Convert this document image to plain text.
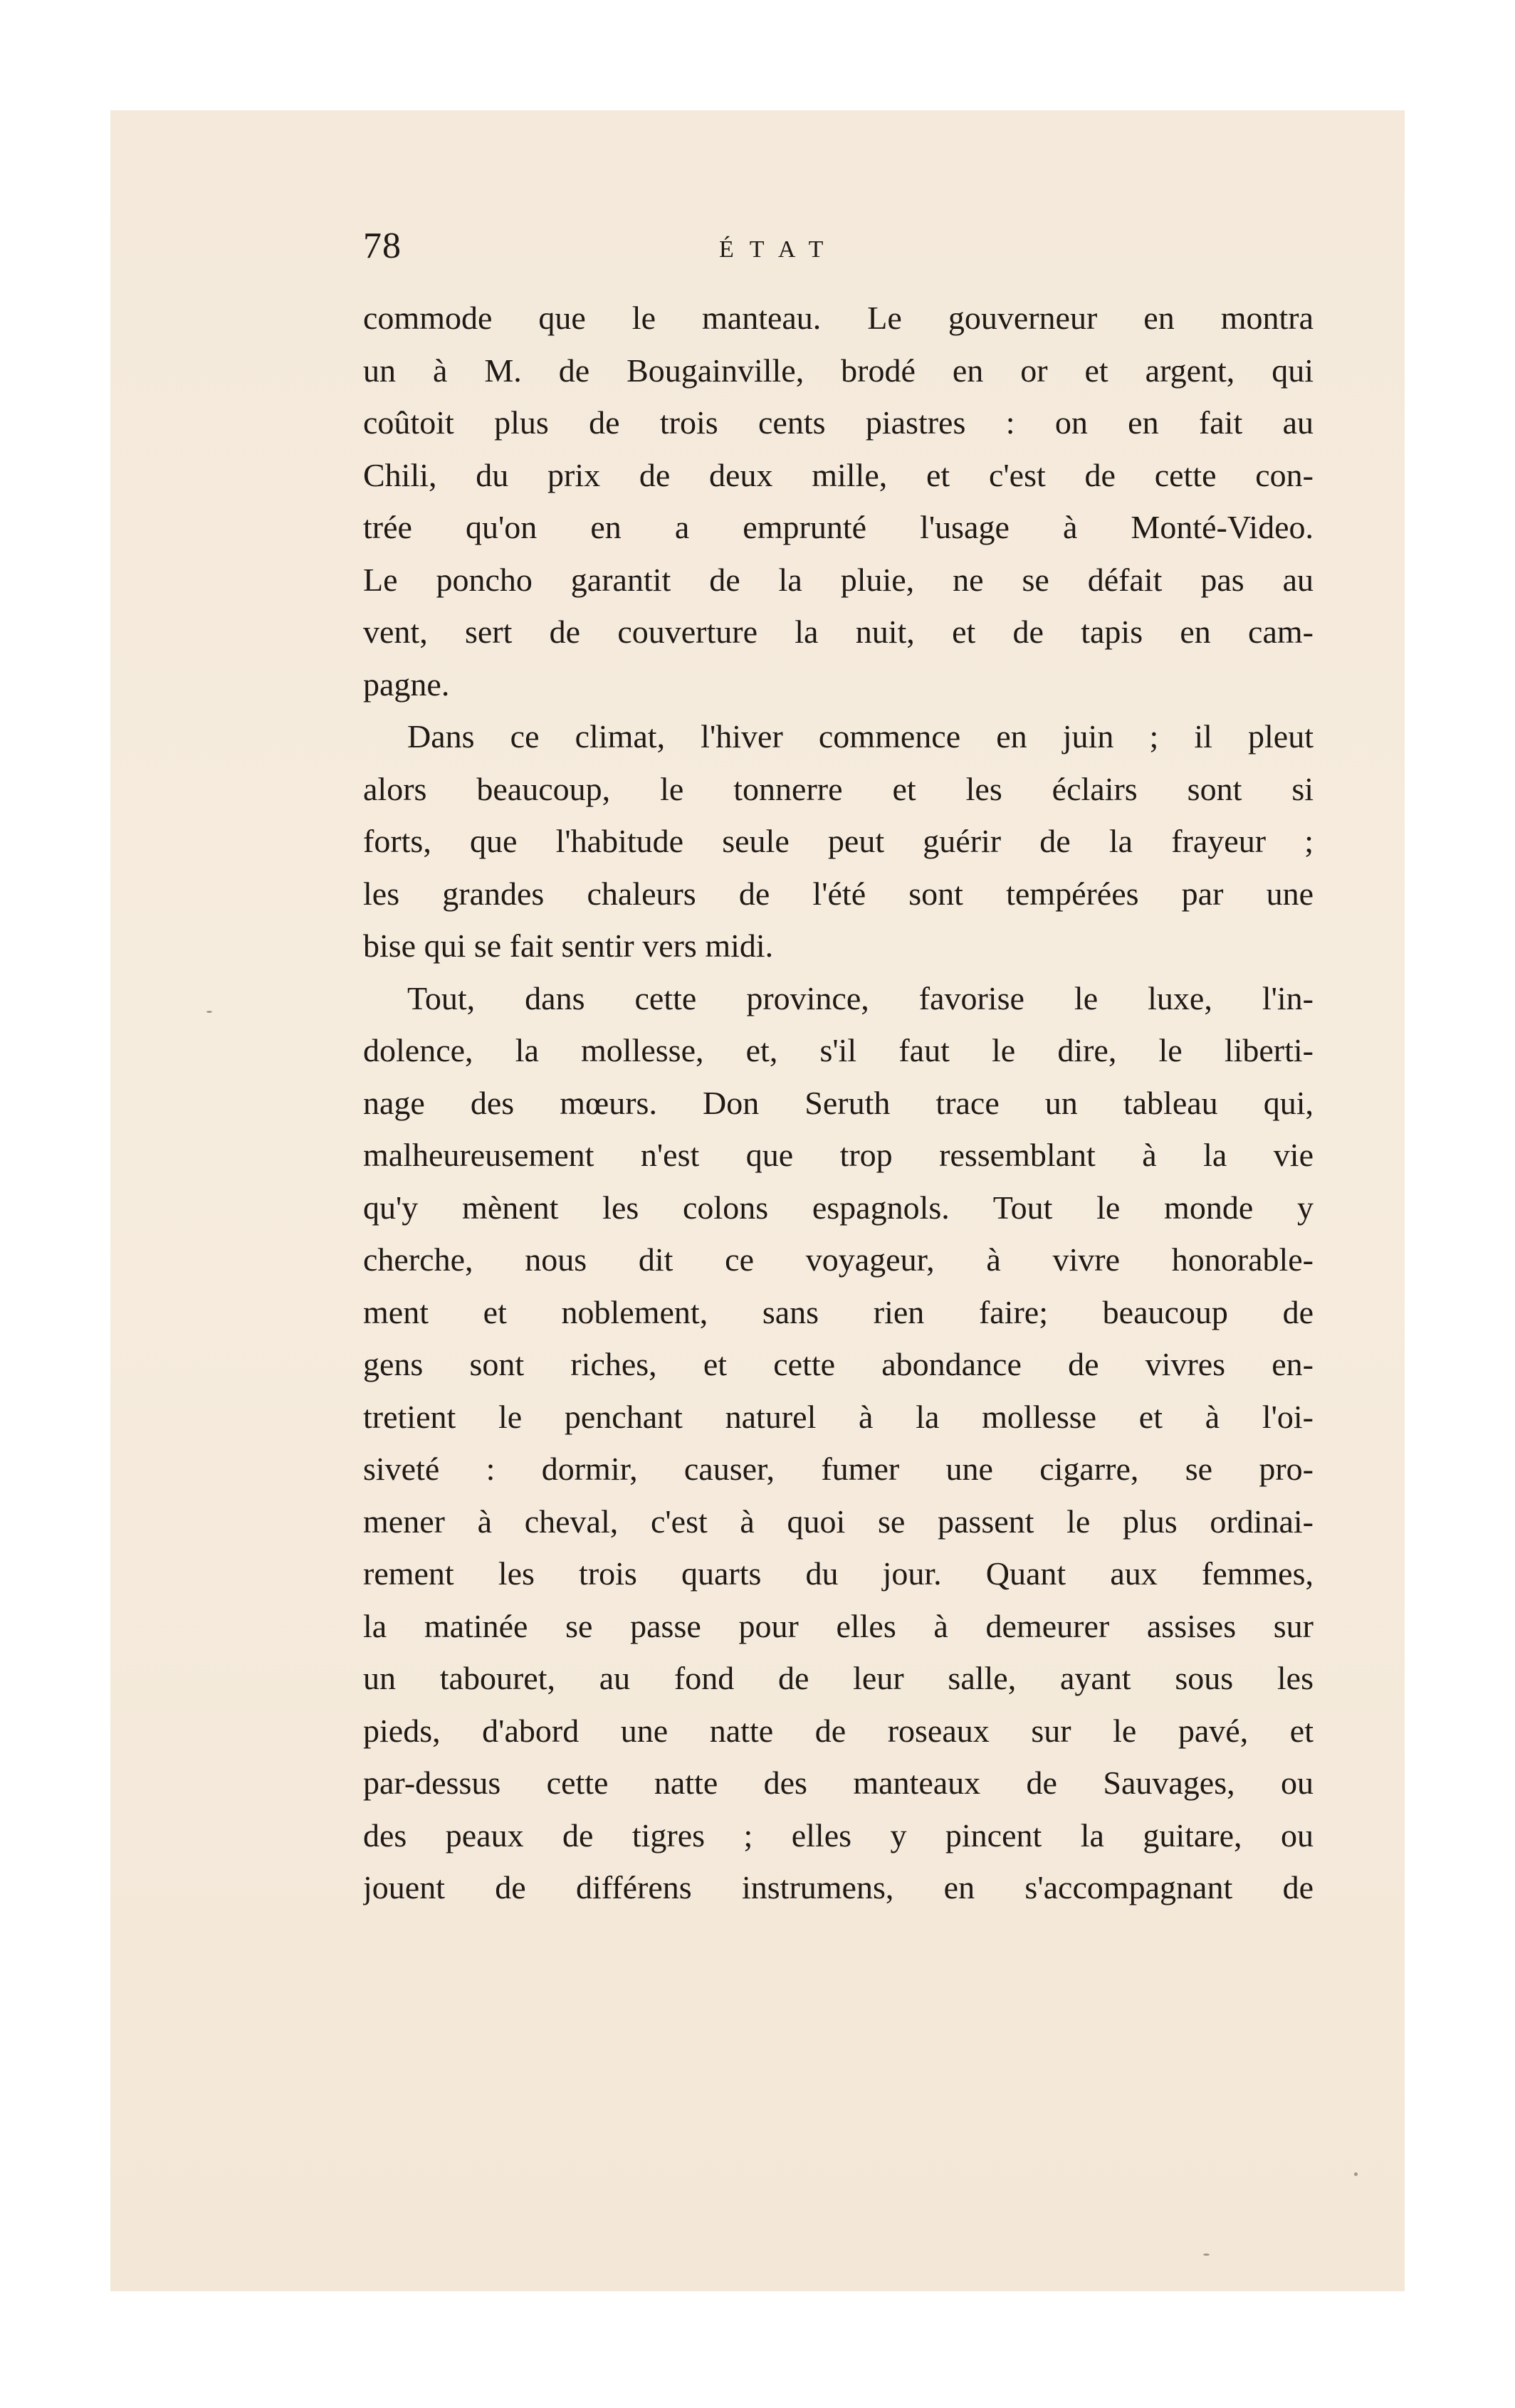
78	ÉTAT
commode que le manteau. Le gouverneur en montra
un à M. de Bougainville, brodé en or et argent, qui
coûtoit plus de trois cents piastres : on en fait au
Chili, du prix de deux mille, et c'est de cette con-
trée qu'on en a emprunté l'usage à Monté-Video.
Le poncho garantit de la pluie, ne se défait pas au
vent, sert de couverture la nuit, et de tapis en cam-
pagne.
Dans ce climat, l'hiver commence en juin ; il pleut
alors beaucoup, le tonnerre et les éclairs sont si
forts, que l'habitude seule peut guérir de la frayeur ;
les grandes chaleurs de l'été sont tempérées par une
bise qui se fait sentir vers midi.
Tout, dans cette province, favorise le luxe, l'in-
dolence, la mollesse, et, s'il faut le dire, le liberti-
nage des mœurs. Don Seruth trace un tableau qui,
malheureusement n'est que trop ressemblant à la vie
qu'y mènent les colons espagnols. Tout le monde y
cherche, nous dit ce voyageur, à vivre honorable-
ment et noblement, sans rien faire; beaucoup de
gens sont riches, et cette abondance de vivres en-
tretient le penchant naturel à la mollesse et à l'oi-
siveté : dormir, causer, fumer une cigarre, se pro-
mener à cheval, c'est à quoi se passent le plus ordinai-
rement les trois quarts du jour. Quant aux femmes,
la matinée se passe pour elles à demeurer assises sur
un tabouret, au fond de leur salle, ayant sous les
pieds, d'abord une natte de roseaux sur le pavé, et
par-dessus cette natte des manteaux de Sauvages, ou
des peaux de tigres ; elles y pincent la guitare, ou
jouent de différens instrumens, en s'accompagnant de
